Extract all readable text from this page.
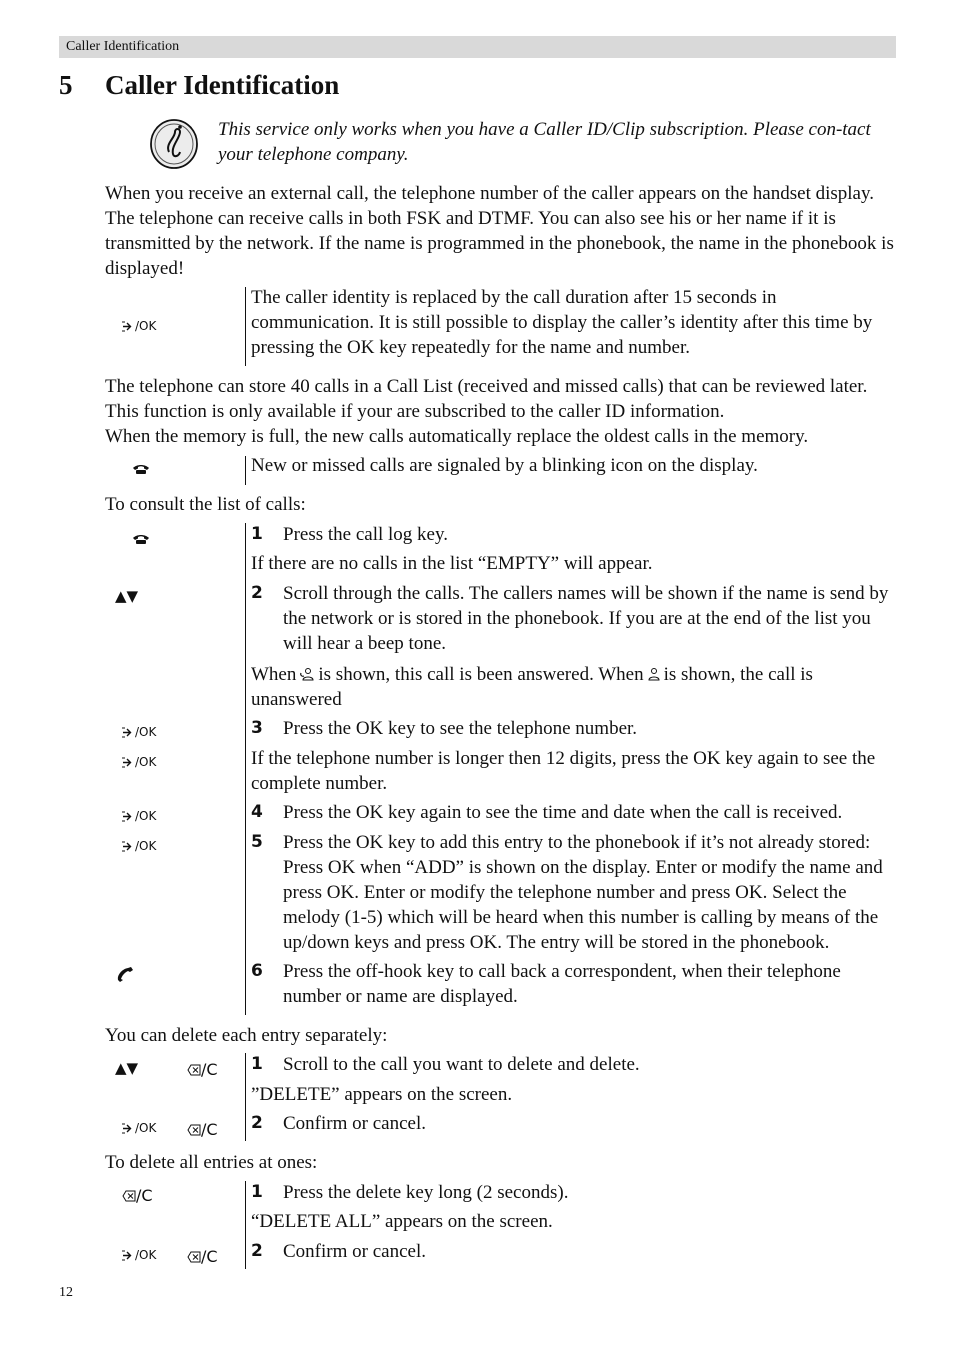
Caller Identification
5 Caller Identification
This service only works when you have a Caller ID/Clip subscription. Please con-tact your telephone company.

When you receive an external call, the telephone number of the caller appears on the handset display. The telephone can receive calls in both FSK and DTMF. You can also see his or her name if it is transmitted by the network. If the name is programmed in the phonebook, the name in the phonebook is displayed!

/OK
The caller identity is replaced by the call duration after 15 seconds in communication. It is still possible to display the caller’s identity after this time by pressing the OK key repeatedly for the name and number.

The telephone can store 40 calls in a Call List (received and missed calls) that can be reviewed later. This function is only available if your are subscribed to the caller ID information.

When the memory is full, the new calls automatically replace the oldest calls in the memory.

New or missed calls are signaled by a blinking icon on the display.

To consult the list of calls:

1 Press the call log key.
If there are no calls in the list “EMPTY” will appear.
▲▼	2 Scroll through the calls. The callers names will be shown if the name is send by the network or is stored in the phonebook. If you are at the end of the list you will hear a beep tone.
When is shown, this call is been answered. When is shown, the call is unanswered
/OK	3 Press the OK key to see the telephone number.
/OK	If the telephone number is longer then 12 digits, press the OK key again to see the complete number.
/OK	4 Press the OK key again to see the time and date when the call is received.
/OK	5 Press the OK key to add this entry to the phonebook if it’s not already stored: Press OK when “ADD” is shown on the display. Enter or modify the name and press OK. Enter or modify the telephone number and press OK. Select the melody (1-5) which will be heard when this number is calling by means of the up/down keys and press OK. The entry will be stored in the phonebook.
6 Press the off-hook key to call back a correspondent, when their telephone number or name are displayed.

You can delete each entry separately:

▲▼	/C 1 Scroll to the call you want to delete and delete.
”DELETE” appears on the screen.
/OK	/C 2 Confirm or cancel.

To delete all entries at ones:

/C	1 Press the delete key long (2 seconds).
“DELETE ALL” appears on the screen.
/OK	/C 2 Confirm or cancel.
12
